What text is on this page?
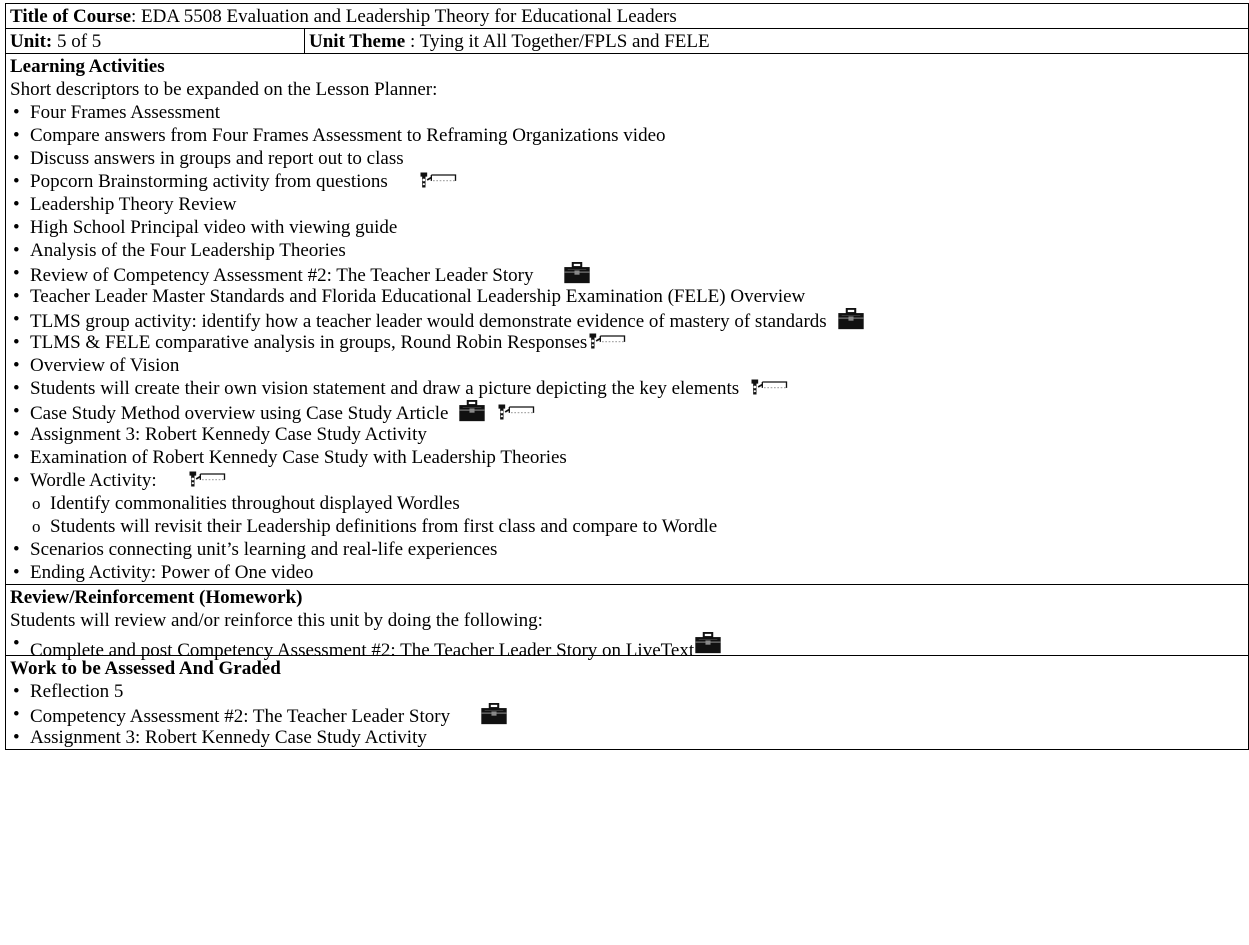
Title of Course: EDA 5508 Evaluation and Leadership Theory for Educational Leaders
Unit: 5 of 5	Unit Theme : Tying it All Together/FPLS and FELE

Learning Activities
Short descriptors to be expanded on the Lesson Planner:
• Four Frames Assessment
• Compare answers from Four Frames Assessment to Reframing Organizations video
• Discuss answers in groups and report out to class
• Popcorn Brainstorming activity from questions
• Leadership Theory Review
• High School Principal video with viewing guide
• Analysis of the Four Leadership Theories
• Review of Competency Assessment #2: The Teacher Leader Story
• Teacher Leader Master Standards and Florida Educational Leadership Examination (FELE) Overview
• TLMS group activity: identify how a teacher leader would demonstrate evidence of mastery of standards
• TLMS & FELE comparative analysis in groups, Round Robin Responses
• Overview of Vision
• Students will create their own vision statement and draw a picture depicting the key elements
• Case Study Method overview using Case Study Article
• Assignment 3: Robert Kennedy Case Study Activity
• Examination of Robert Kennedy Case Study with Leadership Theories
• Wordle Activity:
o Identify commonalities throughout displayed Wordles
o Students will revisit their Leadership definitions from first class and compare to Wordle
• Scenarios connecting unit’s learning and real-life experiences
• Ending Activity: Power of One video

Review/Reinforcement (Homework)
Students will review and/or reinforce this unit by doing the following:
• Complete and post Competency Assessment #2: The Teacher Leader Story on LiveText

Work to be Assessed And Graded
• Reflection 5
• Competency Assessment #2: The Teacher Leader Story
• Assignment 3: Robert Kennedy Case Study Activity
